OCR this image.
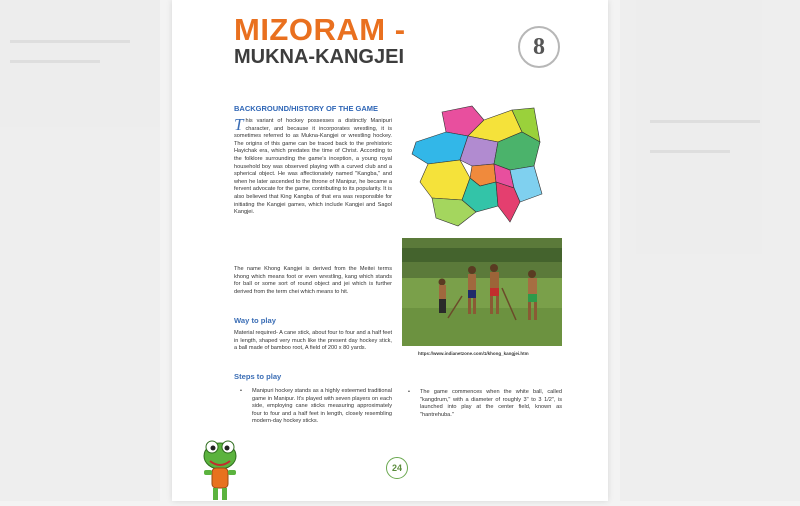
MIZORAM -
MUKNA-KANGJEI	8
BACKGROUND/HISTORY OF THE GAME
This variant of hockey possesses a distinctly Manipuri character, and because it incorporates wrestling, it is sometimes referred to as Mukna-Kangjei or wrestling hockey. The origins of this game can be traced back to the prehistoric Hayichak era, which predates the time of Christ. According to the folklore surrounding the game's inception, a young royal household boy was observed playing with a curved club and a spherical object. He was affectionately named "Kangba," and when he later ascended to the throne of Manipur, he became a fervent advocate for the game, contributing to its popularity. It is also believed that King Kangba of that era was responsible for initiating the Kangjei games, which include Kangjei and Sagol Kangjei.
The name Khong Kangjei is derived from the Meitei terms khong which means foot or even wrestling, kang which stands for ball or some sort of round object and jei which is further derived from the term chei which means to hit.
Way to play
Material required- A cane stick, about four to four and a half feet in length, shaped very much like the present day hockey stick, a ball made of bamboo root, A field of 200 x 80 yards.
Steps to play
• Manipuri hockey stands as a highly esteemed traditional game in Manipur. It's played with seven players on each side, employing cane sticks measuring approximately four to four and a half feet in length, closely resembling modern-day hockey sticks.
• The game commences when the white ball, called "kangdrum," with a diameter of roughly 3" to 3 1/2", is launched into play at the center field, known as "hantrehuba."
https://www.indianetzone.com/1/khong_kangjei.htm
24
